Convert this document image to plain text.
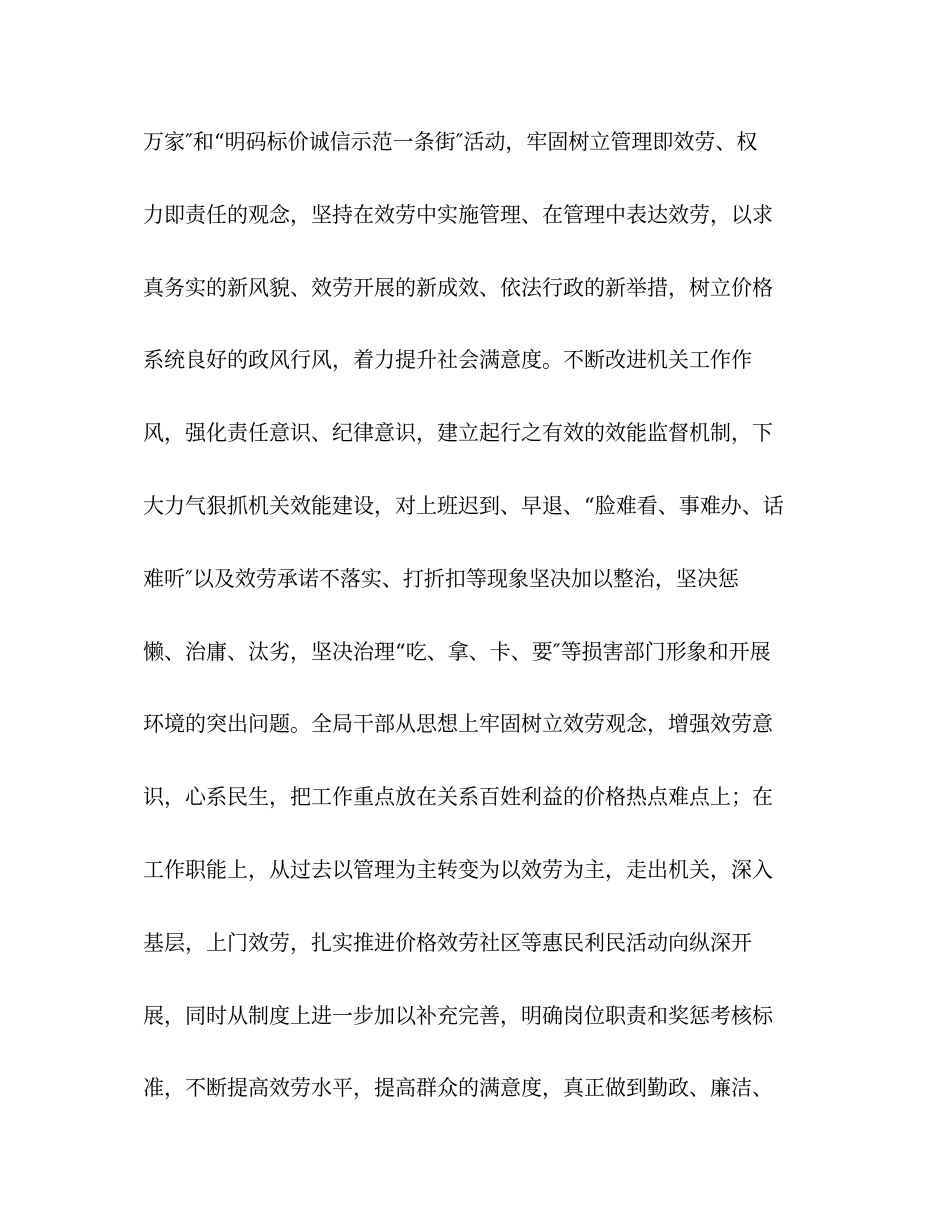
万家″和“明码标价诚信示范一条街″活动，牢固树立管理即效劳、权
力即责任的观念，坚持在效劳中实施管理、在管理中表达效劳，以求
真务实的新风貌、效劳开展的新成效、依法行政的新举措，树立价格
系统良好的政风行风，着力提升社会满意度。不断改进机关工作作
风，强化责任意识、纪律意识，建立起行之有效的效能监督机制，下
大力气狠抓机关效能建设，对上班迟到、早退、“脸难看、事难办、话
难听″以及效劳承诺不落实、打折扣等现象坚决加以整治，坚决惩
懒、治庸、汰劣，坚决治理“吃、拿、卡、要″等损害部门形象和开展
环境的突出问题。全局干部从思想上牢固树立效劳观念，增强效劳意
识，心系民生，把工作重点放在关系百姓利益的价格热点难点上；在
工作职能上，从过去以管理为主转变为以效劳为主，走出机关，深入
基层，上门效劳，扎实推进价格效劳社区等惠民利民活动向纵深开
展，同时从制度上进一步加以补充完善，明确岗位职责和奖惩考核标
准，不断提高效劳水平，提高群众的满意度，真正做到勤政、廉洁、
